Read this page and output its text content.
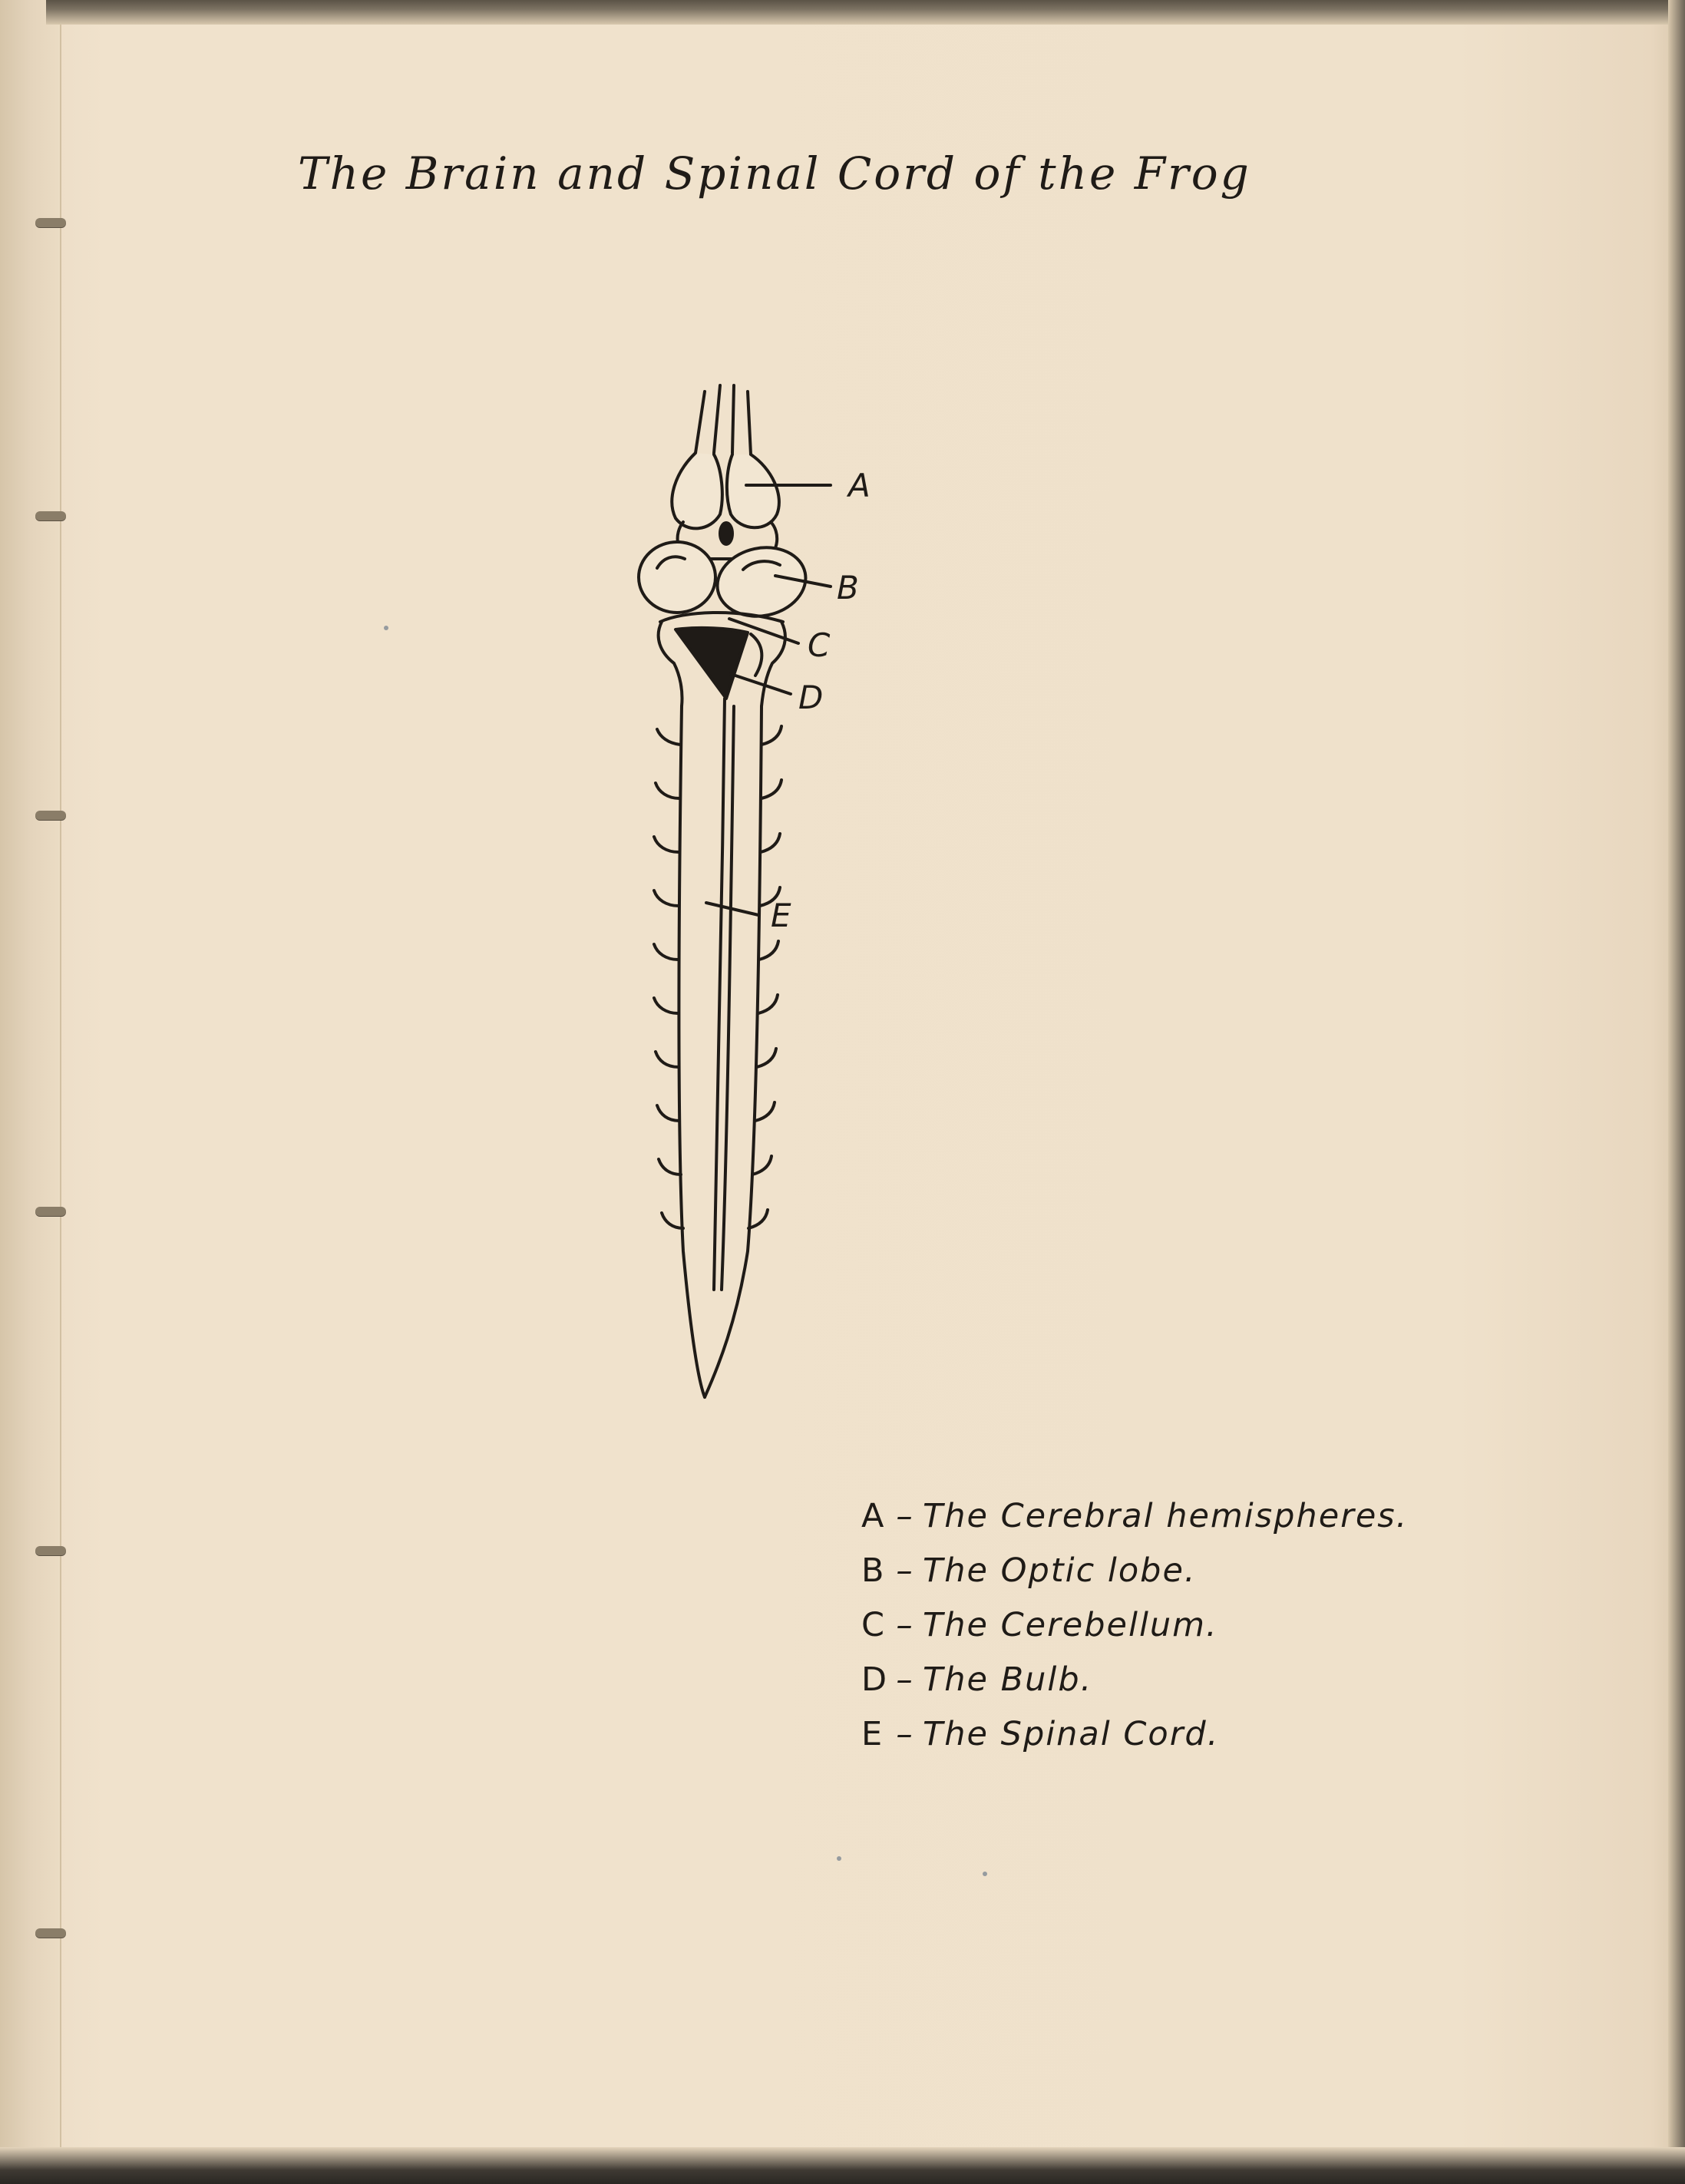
The Brain and Spinal Cord of the Frog
A
B
C
D
E
A – The Cerebral hemispheres.
B – The Optic lobe.
C – The Cerebellum.
D – The Bulb.
E – The Spinal Cord.
